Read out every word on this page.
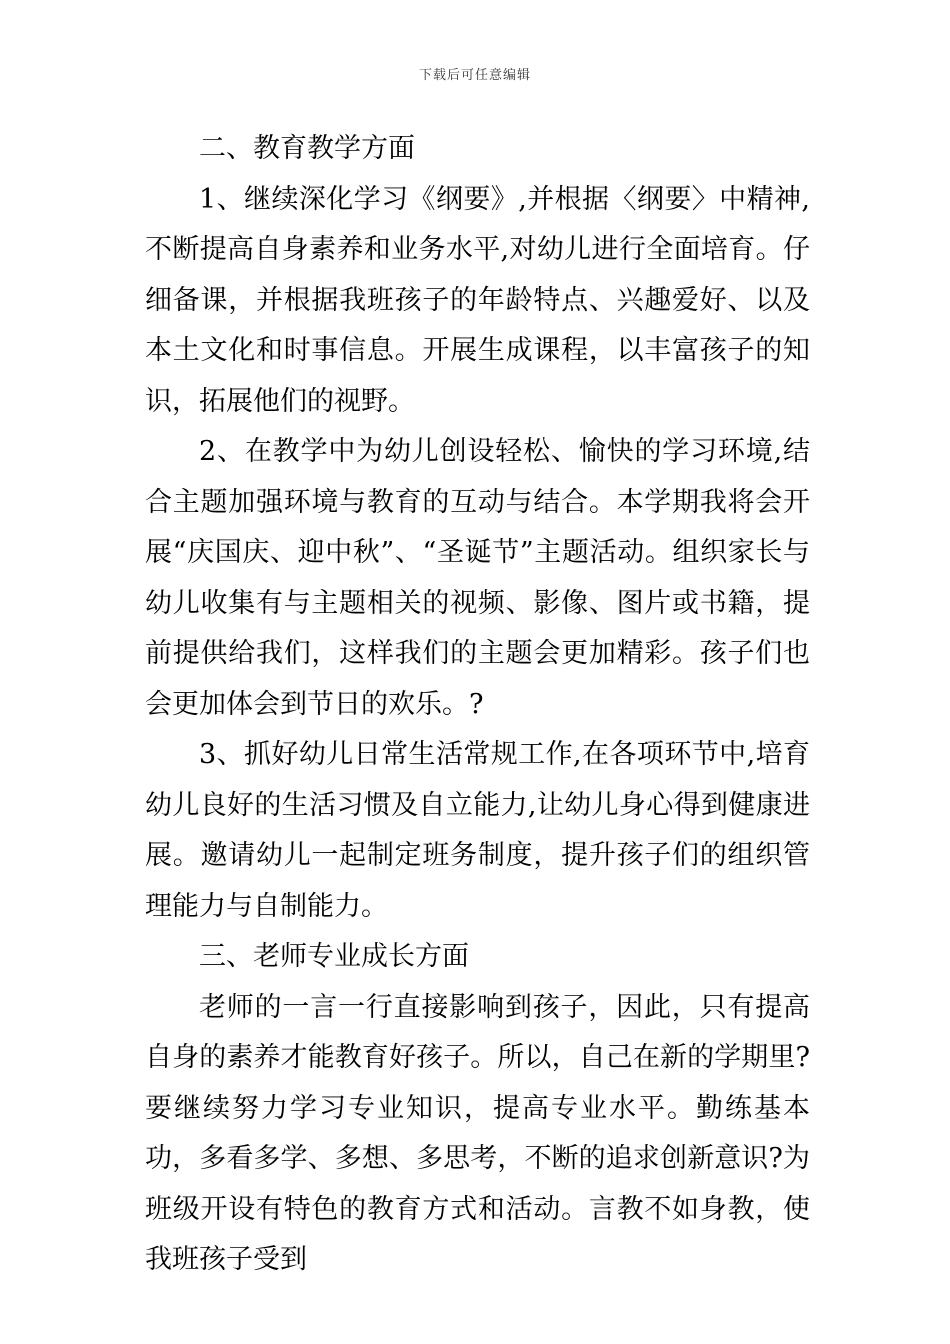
下载后可任意编辑

二、教育教学方面

1、继续深化学习《纲要》,并根据〈纲要〉中精神,不断提高自身素养和业务水平,对幼儿进行全面培育。仔细备课，并根据我班孩子的年龄特点、兴趣爱好、以及本土文化和时事信息。开展生成课程，以丰富孩子的知识，拓展他们的视野。

2、在教学中为幼儿创设轻松、愉快的学习环境,结合主题加强环境与教育的互动与结合。本学期我将会开展“庆国庆、迎中秋”、“圣诞节”主题活动。组织家长与幼儿收集有与主题相关的视频、影像、图片或书籍，提前提供给我们，这样我们的主题会更加精彩。孩子们也会更加体会到节日的欢乐。?

3、抓好幼儿日常生活常规工作,在各项环节中,培育幼儿良好的生活习惯及自立能力,让幼儿身心得到健康进展。邀请幼儿一起制定班务制度，提升孩子们的组织管理能力与自制能力。

三、老师专业成长方面

老师的一言一行直接影响到孩子，因此，只有提高自身的素养才能教育好孩子。所以，自己在新的学期里?要继续努力学习专业知识，提高专业水平。勤练基本功，多看多学、多想、多思考，不断的追求创新意识?为班级开设有特色的教育方式和活动。言教不如身教，使我班孩子受到
